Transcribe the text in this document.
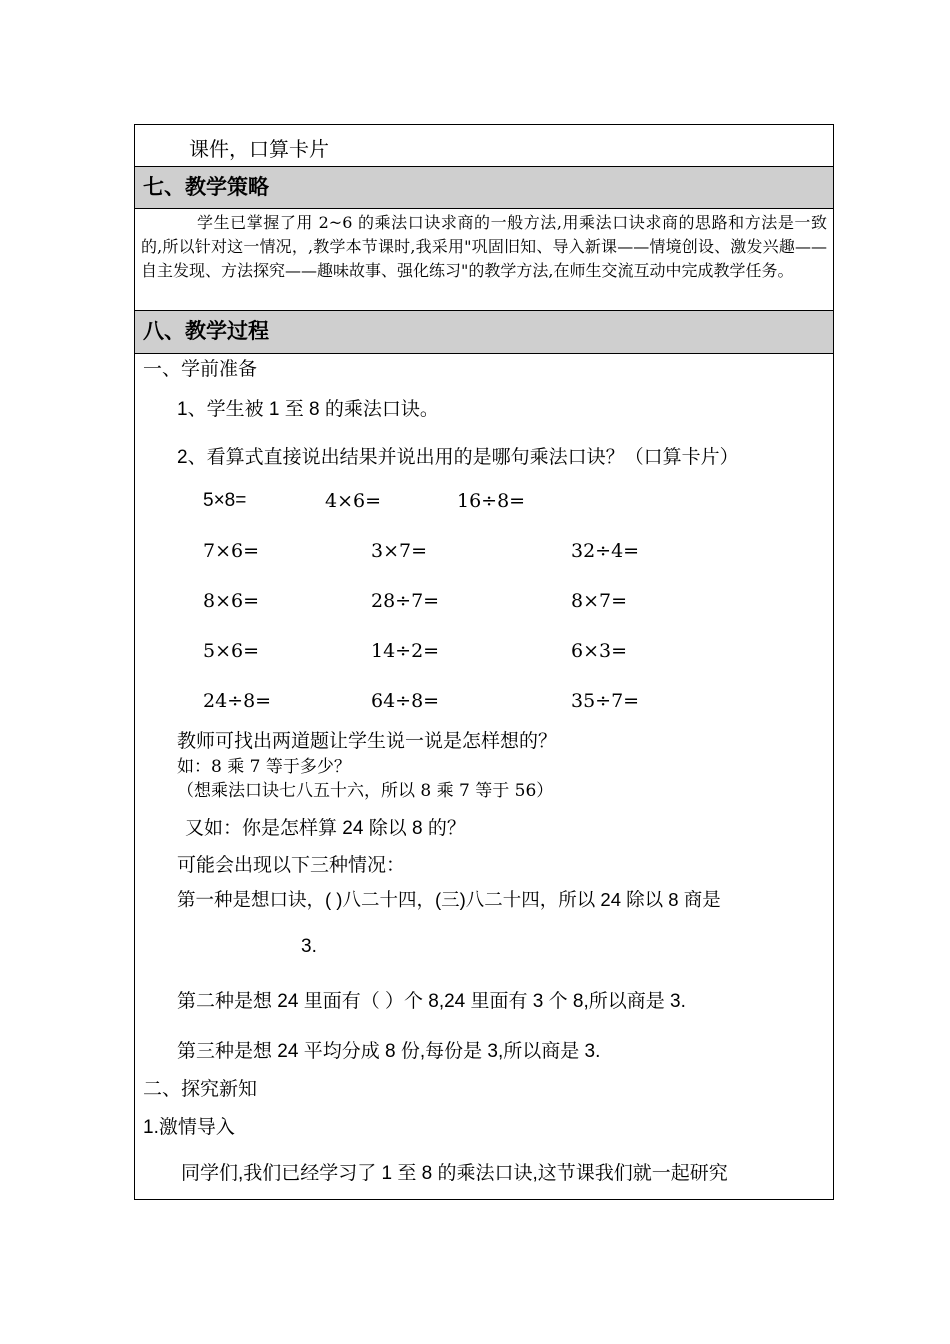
课件，口算卡片
七、教学策略
学生已掌握了用 2~6 的乘法口诀求商的一般方法,用乘法口诀求商的思路和方法是一致的,所以针对这一情况，,教学本节课时,我采用"巩固旧知、导入新课——情境创设、激发兴趣——自主发现、方法探究——趣味故事、强化练习"的教学方法,在师生交流互动中完成教学任务。
八、教学过程
一、学前准备
1、学生被 1 至 8 的乘法口诀。
2、看算式直接说出结果并说出用的是哪句乘法口诀？（口算卡片）
5×8=	4×6=	16÷8=
7×6=	3×7=	32÷4=
8×6=	28÷7=	8×7=
5×6=	14÷2=	6×3=
24÷8=	64÷8=	35÷7=
教师可找出两道题让学生说一说是怎样想的？
如：8 乘 7 等于多少？
（想乘法口诀七八五十六，所以 8 乘 7 等于 56）
又如：你是怎样算 24 除以 8 的？
可能会出现以下三种情况：
第一种是想口诀，( )八二十四，(三)八二十四，所以 24 除以 8 商是
3.
第二种是想 24 里面有（ ）个 8,24 里面有 3 个 8,所以商是 3.
第三种是想 24 平均分成 8 份,每份是 3,所以商是 3.
二、探究新知
1.激情导入
同学们,我们已经学习了 1 至 8 的乘法口诀,这节课我们就一起研究
